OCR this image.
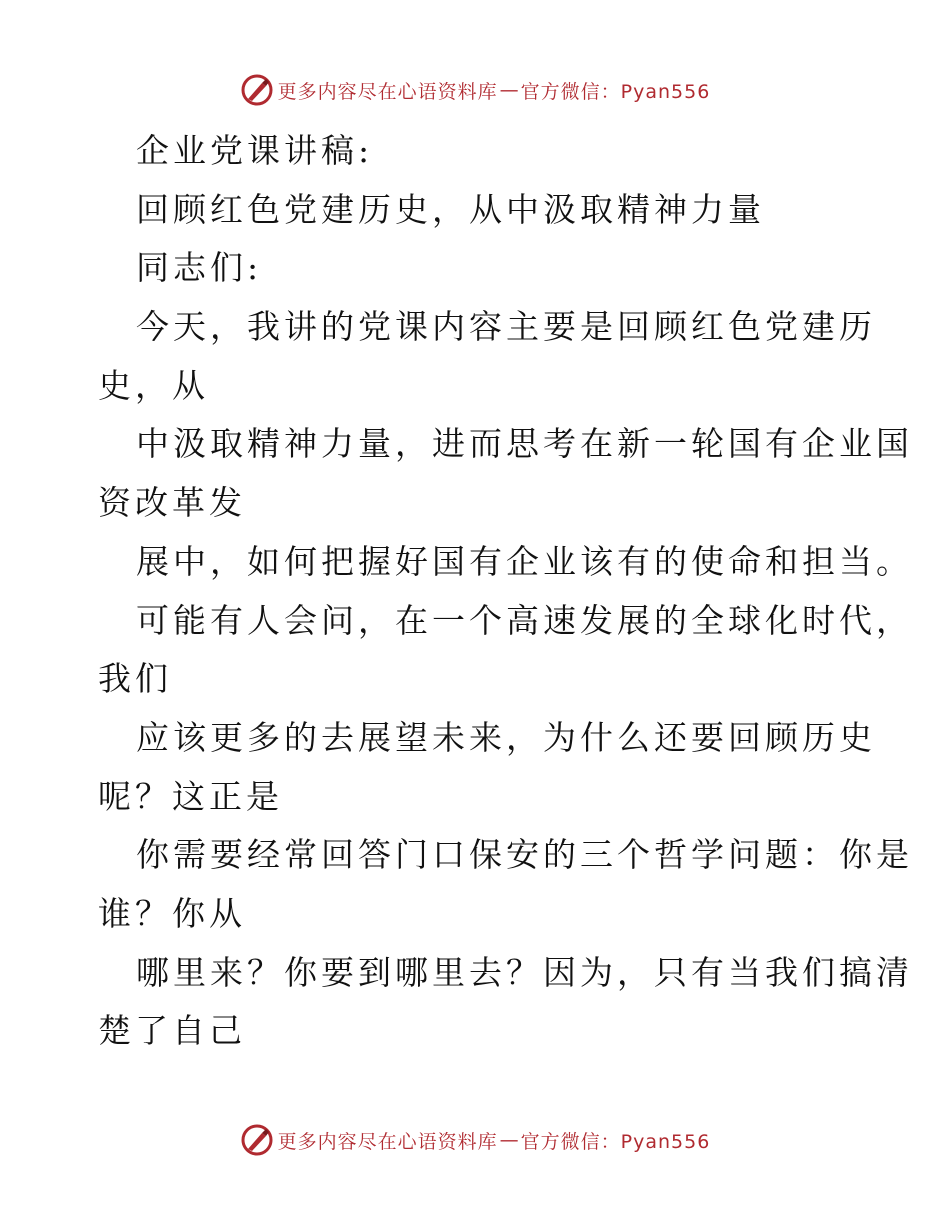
更多内容尽在心语资料库 — 官方微信：Pyan556
企业党课讲稿:
回顾红色党建历史，从中汲取精神力量
同志们:
今天，我讲的党课内容主要是回顾红色党建历
史，从
中汲取精神力量，进而思考在新一轮国有企业国
资改革发
展中，如何把握好国有企业该有的使命和担当。
可能有人会问，在一个高速发展的全球化时代，
我们
应该更多的去展望未来，为什么还要回顾历史
呢？这正是
你需要经常回答门口保安的三个哲学问题：你是
谁？你从
哪里来？你要到哪里去？因为，只有当我们搞清
楚了自己
更多内容尽在心语资料库 — 官方微信：Pyan556
